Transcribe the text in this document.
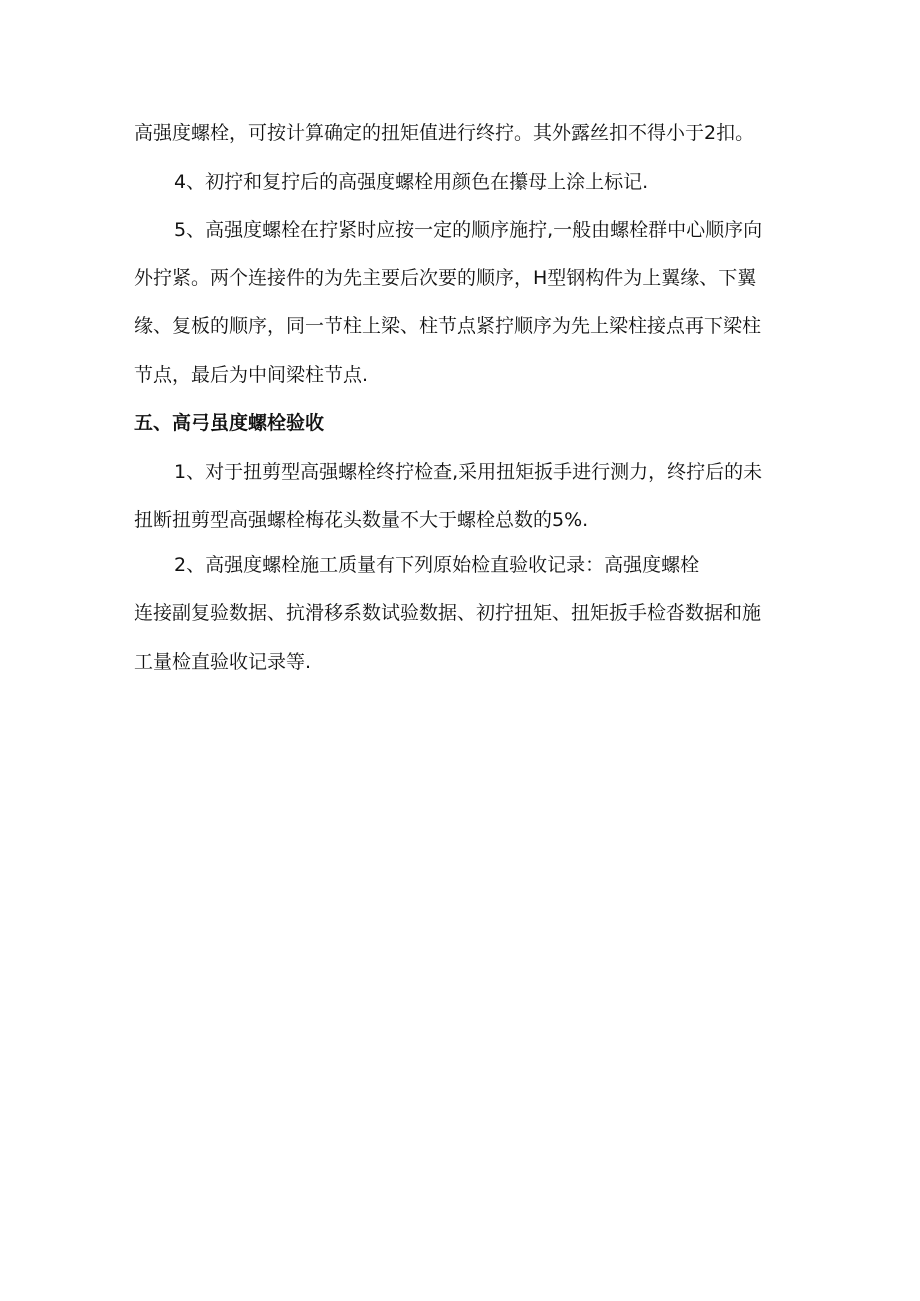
高强度螺栓，可按计算确定的扭矩值进行终拧。其外露丝扣不得小于2扣。
4、初拧和复拧后的高强度螺栓用颜色在攥母上涂上标记.
5、高强度螺栓在拧紧时应按一定的顺序施拧,一般由螺栓群中心顺序向
外拧紧。两个连接件的为先主要后次要的顺序，H型钢构件为上翼缘、下翼
缘、复板的顺序，同一节柱上梁、柱节点紧拧顺序为先上梁柱接点再下梁柱
节点，最后为中间梁柱节点.
五、高弓虽度螺栓验收
1、对于扭剪型高强螺栓终拧检查,采用扭矩扳手进行测力，终拧后的未
扭断扭剪型高强螺栓梅花头数量不大于螺栓总数的5%.
2、高强度螺栓施工质量有下列原始检直验收记录：高强度螺栓
连接副复验数据、抗滑移系数试验数据、初拧扭矩、扭矩扳手检沓数据和施
工量检直验收记录等.
